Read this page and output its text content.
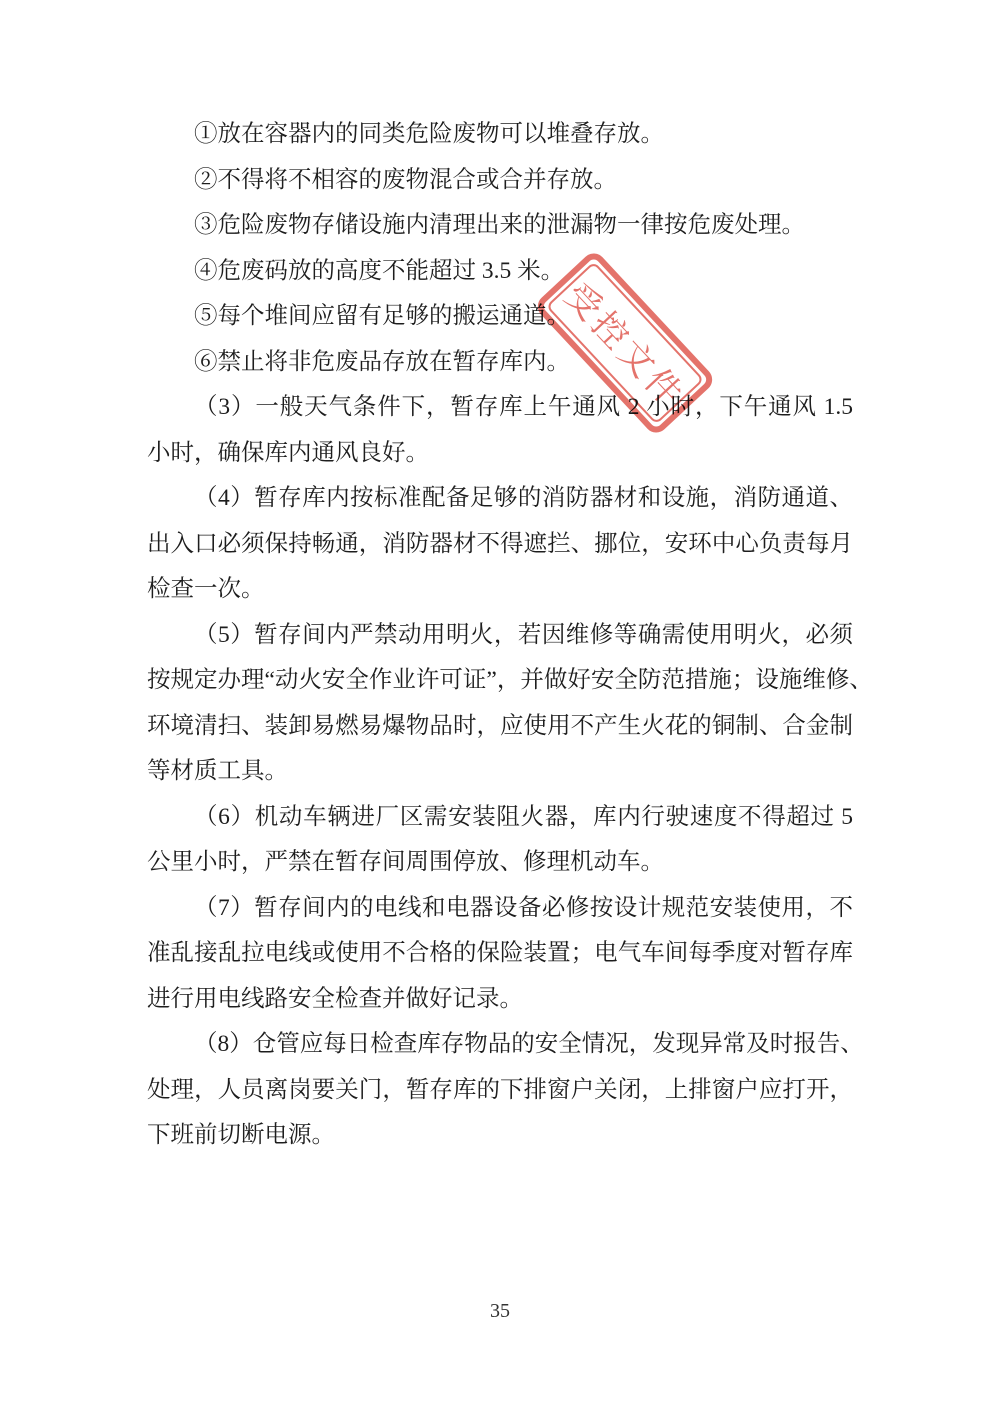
①放在容器内的同类危险废物可以堆叠存放。
②不得将不相容的废物混合或合并存放。
③危险废物存储设施内清理出来的泄漏物一律按危废处理。
④危废码放的高度不能超过 3.5 米。
⑤每个堆间应留有足够的搬运通道。
⑥禁止将非危废品存放在暂存库内。
（3）一般天气条件下，暂存库上午通风 2 小时，下午通风 1.5
小时，确保库内通风良好。
（4）暂存库内按标准配备足够的消防器材和设施，消防通道、
出入口必须保持畅通，消防器材不得遮拦、挪位，安环中心负责每月
检查一次。
（5）暂存间内严禁动用明火，若因维修等确需使用明火，必须
按规定办理“动火安全作业许可证”，并做好安全防范措施；设施维修、
环境清扫、装卸易燃易爆物品时，应使用不产生火花的铜制、合金制
等材质工具。
（6）机动车辆进厂区需安装阻火器，库内行驶速度不得超过 5
公里小时，严禁在暂存间周围停放、修理机动车。
（7）暂存间内的电线和电器设备必修按设计规范安装使用，不
准乱接乱拉电线或使用不合格的保险装置；电气车间每季度对暂存库
进行用电线路安全检查并做好记录。
（8）仓管应每日检查库存物品的安全情况，发现异常及时报告、
处理，人员离岗要关门，暂存库的下排窗户关闭，上排窗户应打开，
下班前切断电源。
受控文件
35
